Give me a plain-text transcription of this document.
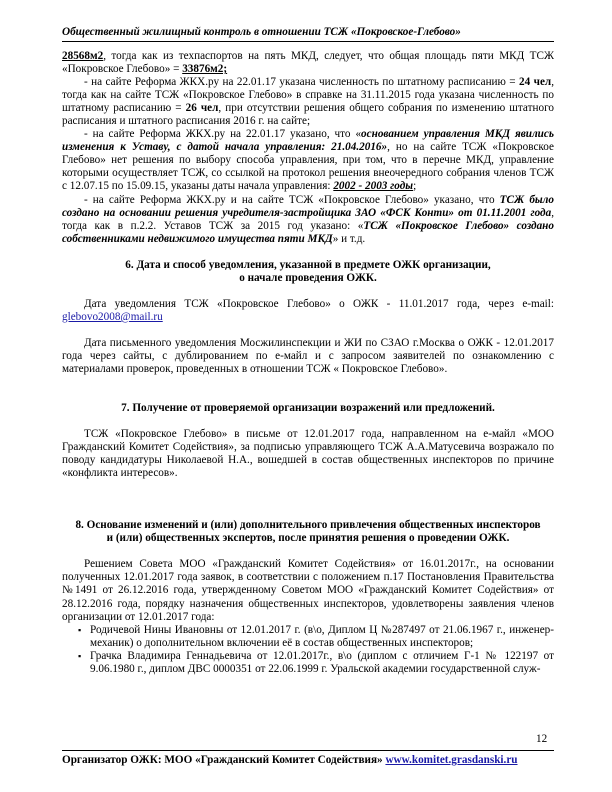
Общественный жилищный контроль в отношении ТСЖ «Покровское-Глебово»

28568м2, тогда как из техпаспортов на пять МКД, следует, что общая площадь пяти МКД ТСЖ «Покровское Глебово» = 33876м2;

- на сайте Реформа ЖКХ.ру на 22.01.17 указана численность по штатному расписанию = 24 чел, тогда как на сайте ТСЖ «Покровское Глебово» в справке на 31.11.2015 года указана численность по штатному расписанию = 26 чел, при отсутствии решения общего собрания по изменению штатного расписания и штатного расписания 2016 г. на сайте;

- на сайте Реформа ЖКХ.ру на 22.01.17 указано, что «основанием управления МКД явились изменения к Уставу, с датой начала управления: 21.04.2016», но на сайте ТСЖ «Покровское Глебово» нет решения по выбору способа управления, при том, что в перечне МКД, управление которыми осуществляет ТСЖ, со ссылкой на протокол решения внеочередного собрания членов ТСЖ с 12.07.15 по 15.09.15, указаны даты начала управления: 2002 - 2003 годы;

- на сайте Реформа ЖКХ.ру и на сайте ТСЖ «Покровское Глебово» указано, что ТСЖ было создано на основании решения учредителя-застройщика ЗАО «ФСК Конти» от 01.11.2001 года, тогда как в п.2.2. Уставов ТСЖ за 2015 год указано: «ТСЖ «Покровское Глебово» создано собственниками недвижимого имущества пяти МКД» и т.д.

6. Дата и способ уведомления, указанной в предмете ОЖК организации,

о начале проведения ОЖК.

Дата уведомления ТСЖ «Покровское Глебово» о ОЖК - 11.01.2017 года, через e-mail: glebovo2008@mail.ru

Дата письменного уведомления Мосжилинспекции и ЖИ по СЗАО г.Москва о ОЖК - 12.01.2017 года через сайты, с дублированием по е-майл и с запросом заявителей по ознакомлению с материалами проверок, проведенных в отношении ТСЖ « Покровское Глебово».

7. Получение от проверяемой организации возражений или предложений.

ТСЖ «Покровское Глебово» в письме от 12.01.2017 года, направленном на е-майл «МОО Гражданский Комитет Содействия», за подписью управляющего ТСЖ А.А.Матусевича возражало по поводу кандидатуры Николаевой Н.А., вошедшей в состав общественных инспекторов по причине «конфликта интересов».

8. Основание изменений и (или) дополнительного привлечения общественных инспекторов

и (или) общественных экспертов, после принятия решения о проведении ОЖК.

Решением Совета МОО «Гражданский Комитет Содействия» от 16.01.2017г., на основании полученных 12.01.2017 года заявок, в соответствии с положением п.17 Постановления Правительства №1491 от 26.12.2016 года, утвержденному Советом МОО «Гражданский Комитет Содействия» от 28.12.2016 года, порядку назначения общественных инспекторов, удовлетворены заявления членов организации от 12.01.2017 года:

▪ Родичевой Нины Ивановны от 12.01.2017 г. (в\о, Диплом Ц №287497 от 21.06.1967 г., инженер-механик) о дополнительном включении её в состав общественных инспекторов;

▪ Грачка Владимира Геннадьевича от 12.01.2017г., в\о (диплом с отличием Г-1 № 122197 от 9.06.1980 г., диплом ДВС 0000351 от 22.06.1999 г. Уральской академии государственной служ-

12
Организатор ОЖК: МОО «Гражданский Комитет Содействия» www.komitet.grasdanski.ru
